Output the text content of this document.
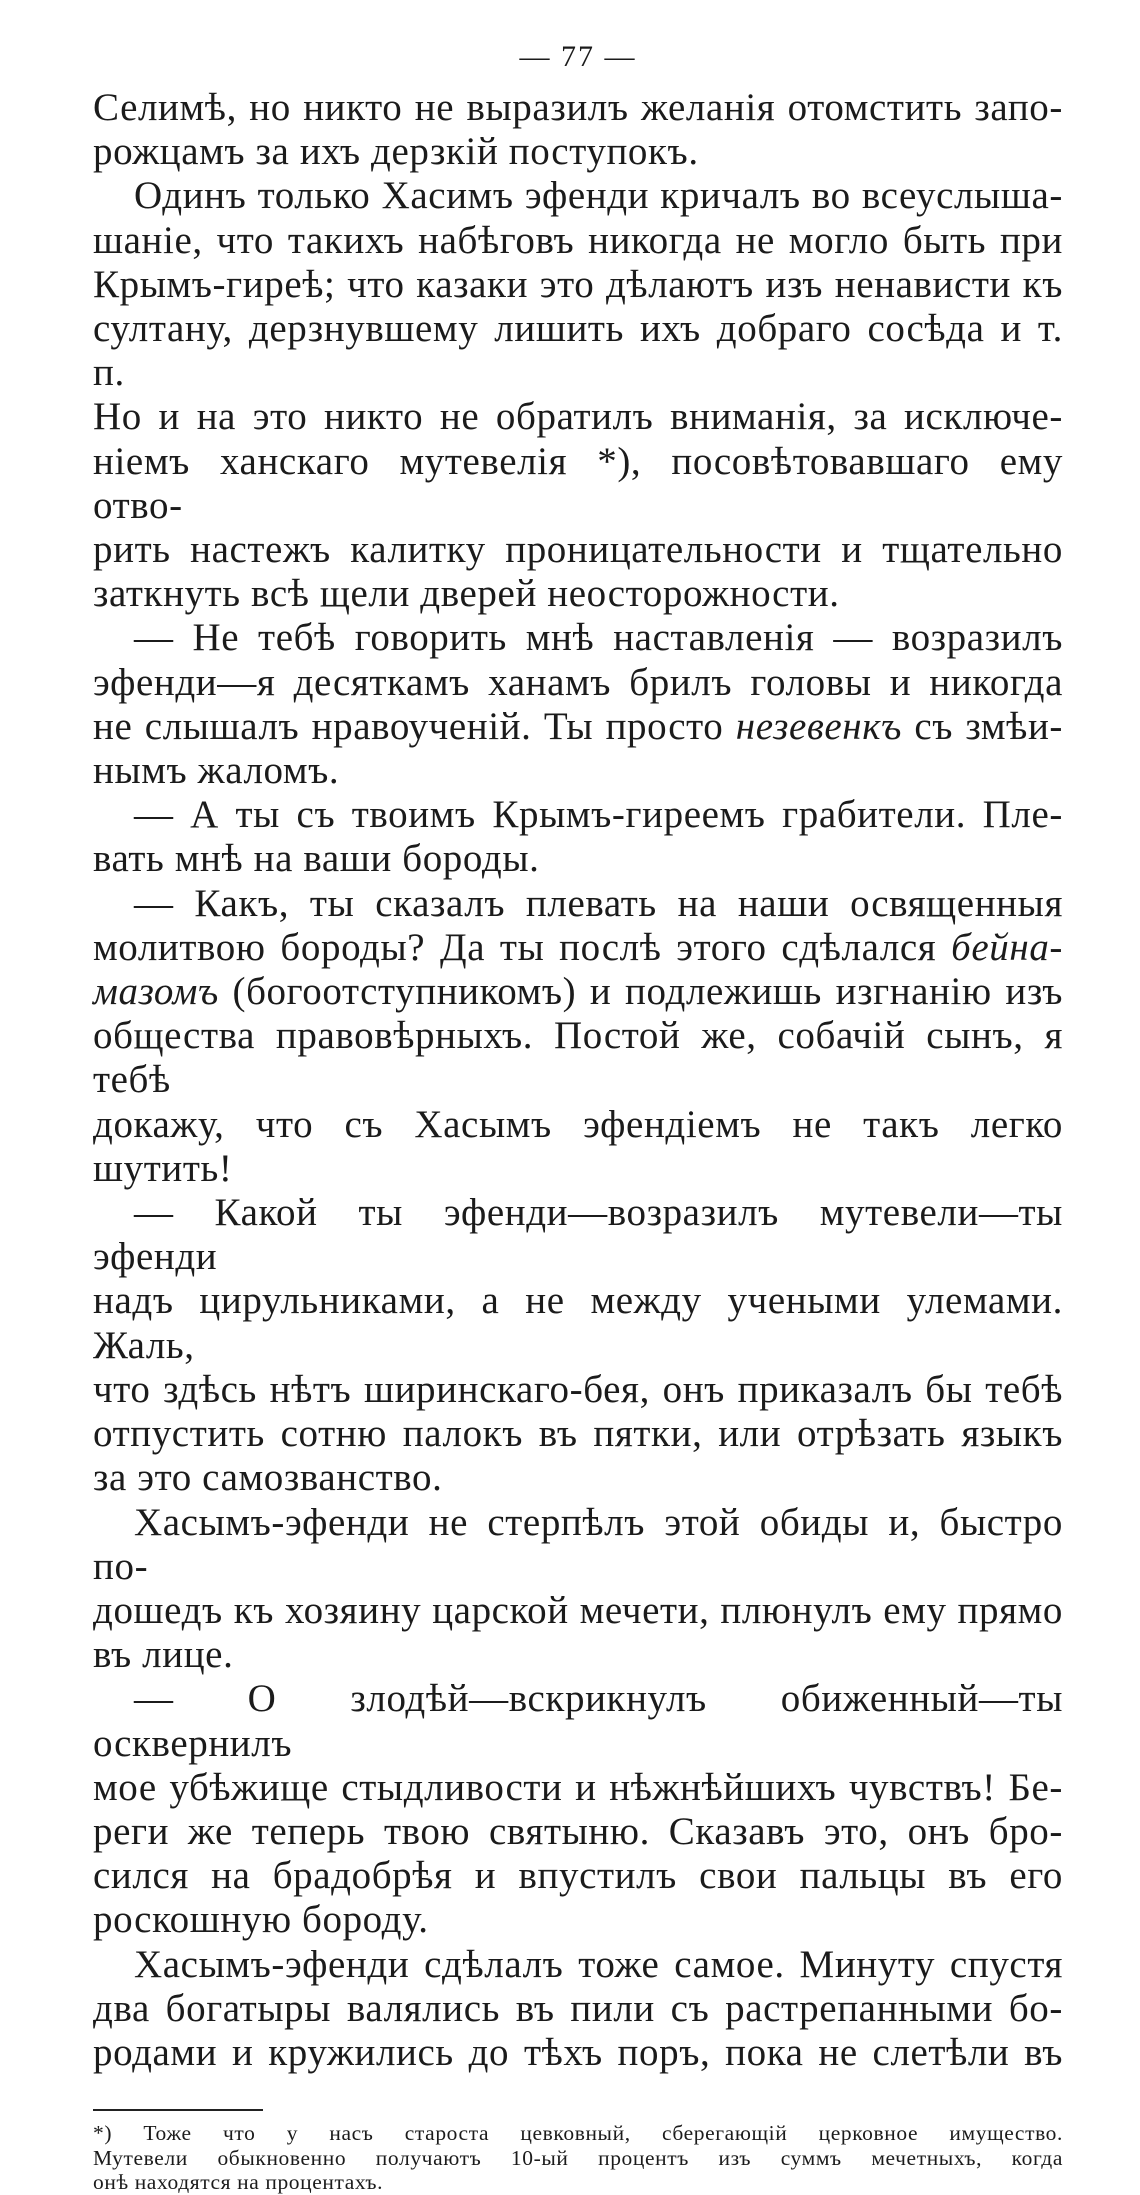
— 77 —
Селимѣ, но никто не выразилъ желанія отомстить запо-
рожцамъ за ихъ дерзкій поступокъ.
Одинъ только Хасимъ эфенди кричалъ во всеуслыша-
шаніе, что такихъ набѣговъ никогда не могло быть при
Крымъ-гиреѣ; что казаки это дѣлаютъ изъ ненависти къ
султану, дерзнувшему лишить ихъ добраго сосѣда и т. п.
Но и на это никто не обратилъ вниманія, за исключе-
ніемъ ханскаго мутевелія *), посовѣтовавшаго ему отво-
рить настежъ калитку проницательности и тщательно
заткнуть всѣ щели дверей неосторожности.
— Не тебѣ говорить мнѣ наставленія — возразилъ
эфенди—я десяткамъ ханамъ брилъ головы и никогда
не слышалъ нравоученій. Ты просто незевенкъ съ змѣи-
нымъ жаломъ.
— А ты съ твоимъ Крымъ-гиреемъ грабители. Пле-
вать мнѣ на ваши бороды.
— Какъ, ты сказалъ плевать на наши освященныя
молитвою бороды? Да ты послѣ этого сдѣлался бейна-
мазомъ (богоотступникомъ) и подлежишь изгнанію изъ
общества правовѣрныхъ. Постой же, собачій сынъ, я тебѣ
докажу, что съ Хасымъ эфендіемъ не такъ легко шутить!
— Какой ты эфенди—возразилъ мутевели—ты эфенди
надъ цирульниками, а не между учеными улемами. Жаль,
что здѣсь нѣтъ ширинскаго-бея, онъ приказалъ бы тебѣ
отпустить сотню палокъ въ пятки, или отрѣзать языкъ
за это самозванство.
Хасымъ-эфенди не стерпѣлъ этой обиды и, быстро по-
дошедъ къ хозяину царской мечети, плюнулъ ему прямо
въ лице.
— О злодѣй—вскрикнулъ обиженный—ты осквернилъ
мое убѣжище стыдливости и нѣжнѣйшихъ чувствъ! Бе-
реги же теперь твою святыню. Сказавъ это, онъ бро-
сился на брадобрѣя и впустилъ свои пальцы въ его
роскошную бороду.
Хасымъ-эфенди сдѣлалъ тоже самое. Минуту спустя
два богатыры валялись въ пили съ растрепанными бо-
родами и кружились до тѣхъ поръ, пока не слетѣли въ
*) Тоже что у насъ староста цевковный, сберегающій церковное имущество.
Мутевели обыкновенно получаютъ 10-ый процентъ изъ суммъ мечетныхъ, когда
онѣ находятся на процентахъ.
